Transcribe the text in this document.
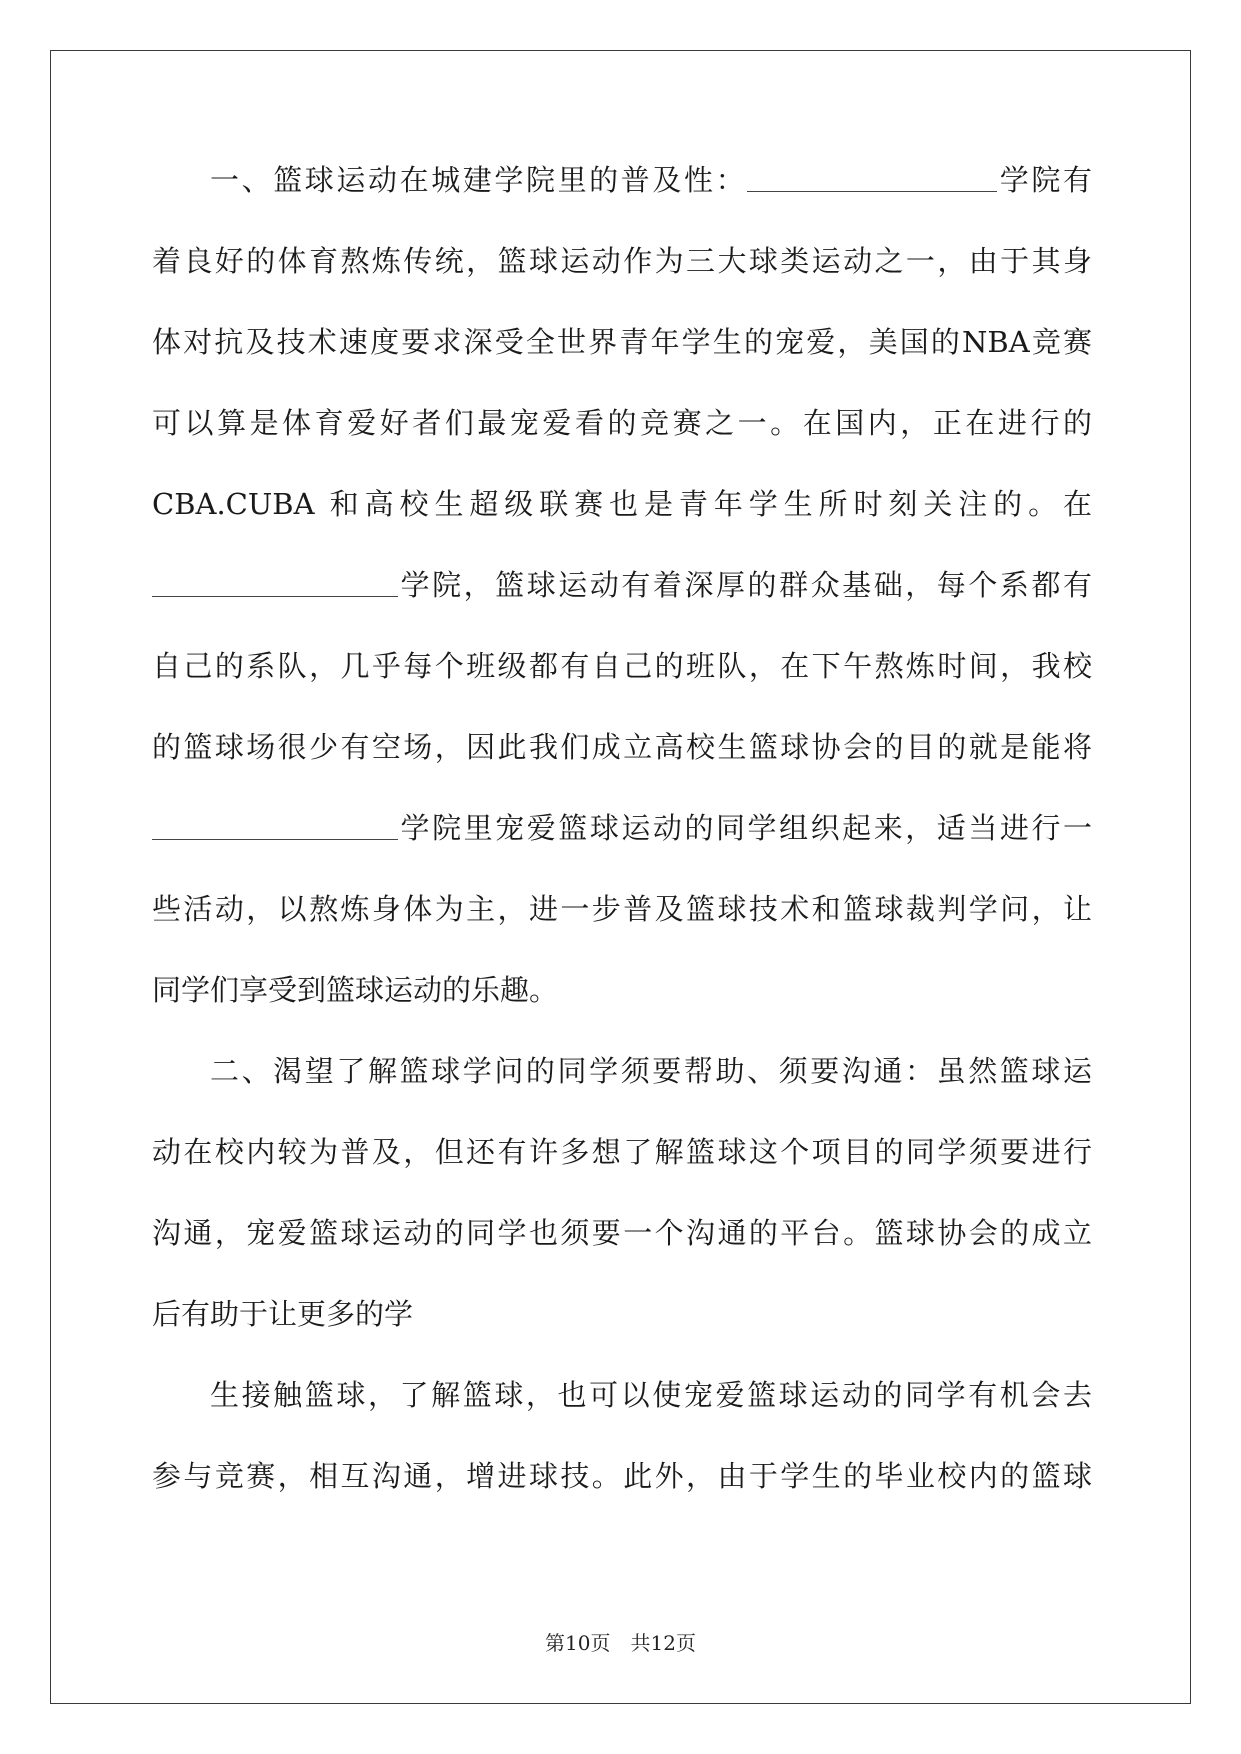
一、篮球运动在城建学院里的普及性：	学院有
着良好的体育熬炼传统，篮球运动作为三大球类运动之一，由于其身
体对抗及技术速度要求深受全世界青年学生的宠爱，美国的NBA竞赛
可以算是体育爱好者们最宠爱看的竞赛之一。在国内，正在进行的
CBA.CUBA 和高校生超级联赛也是青年学生所时刻关注的。在
学院，篮球运动有着深厚的群众基础，每个系都有
自己的系队，几乎每个班级都有自己的班队，在下午熬炼时间，我校
的篮球场很少有空场，因此我们成立高校生篮球协会的目的就是能将
学院里宠爱篮球运动的同学组织起来，适当进行一
些活动，以熬炼身体为主，进一步普及篮球技术和篮球裁判学问，让
同学们享受到篮球运动的乐趣。
二、渴望了解篮球学问的同学须要帮助、须要沟通：虽然篮球运
动在校内较为普及，但还有许多想了解篮球这个项目的同学须要进行
沟通，宠爱篮球运动的同学也须要一个沟通的平台。篮球协会的成立
后有助于让更多的学
生接触篮球，了解篮球，也可以使宠爱篮球运动的同学有机会去
参与竞赛，相互沟通，增进球技。此外，由于学生的毕业校内的篮球
第10页 共12页
